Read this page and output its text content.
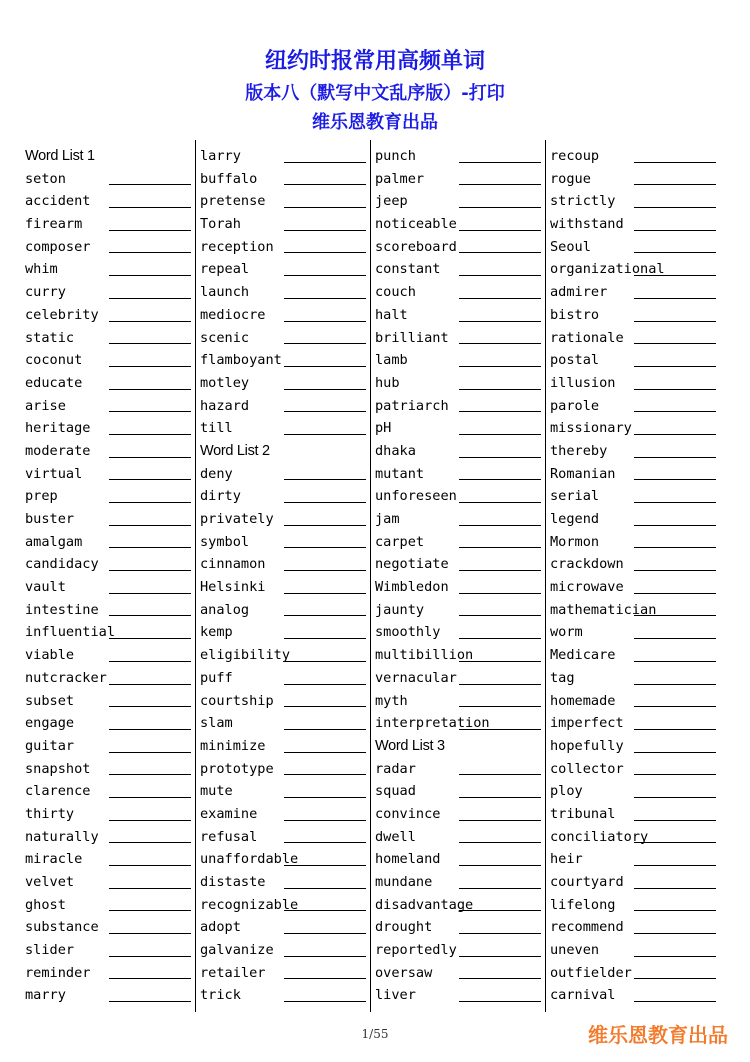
纽约时报常用高频单词
版本八（默写中文乱序版）-打印
维乐恩教育出品
Word List 1
seton
accident
firearm
composer
whim
curry
celebrity
static
coconut
educate
arise
heritage
moderate
virtual
prep
buster
amalgam
candidacy
vault
intestine
influential
viable
nutcracker
subset
engage
guitar
snapshot
clarence
thirty
naturally
miracle
velvet
ghost
substance
slider
reminder
marry
larry
buffalo
pretense
Torah
reception
repeal
launch
mediocre
scenic
flamboyant
motley
hazard
till
Word List 2
deny
dirty
privately
symbol
cinnamon
Helsinki
analog
kemp
eligibility
puff
courtship
slam
minimize
prototype
mute
examine
refusal
unaffordable
distaste
recognizable
adopt
galvanize
retailer
trick
punch
palmer
jeep
noticeable
scoreboard
constant
couch
halt
brilliant
lamb
hub
patriarch
pH
dhaka
mutant
unforeseen
jam
carpet
negotiate
Wimbledon
jaunty
smoothly
multibillion
vernacular
myth
interpretation
Word List 3
radar
squad
convince
dwell
homeland
mundane
disadvantage
drought
reportedly
oversaw
liver
recoup
rogue
strictly
withstand
Seoul
organizational
admirer
bistro
rationale
postal
illusion
parole
missionary
thereby
Romanian
serial
legend
Mormon
crackdown
microwave
mathematician
worm
Medicare
tag
homemade
imperfect
hopefully
collector
ploy
tribunal
conciliatory
heir
courtyard
lifelong
recommend
uneven
outfielder
carnival
1/55	维乐恩教育出品
